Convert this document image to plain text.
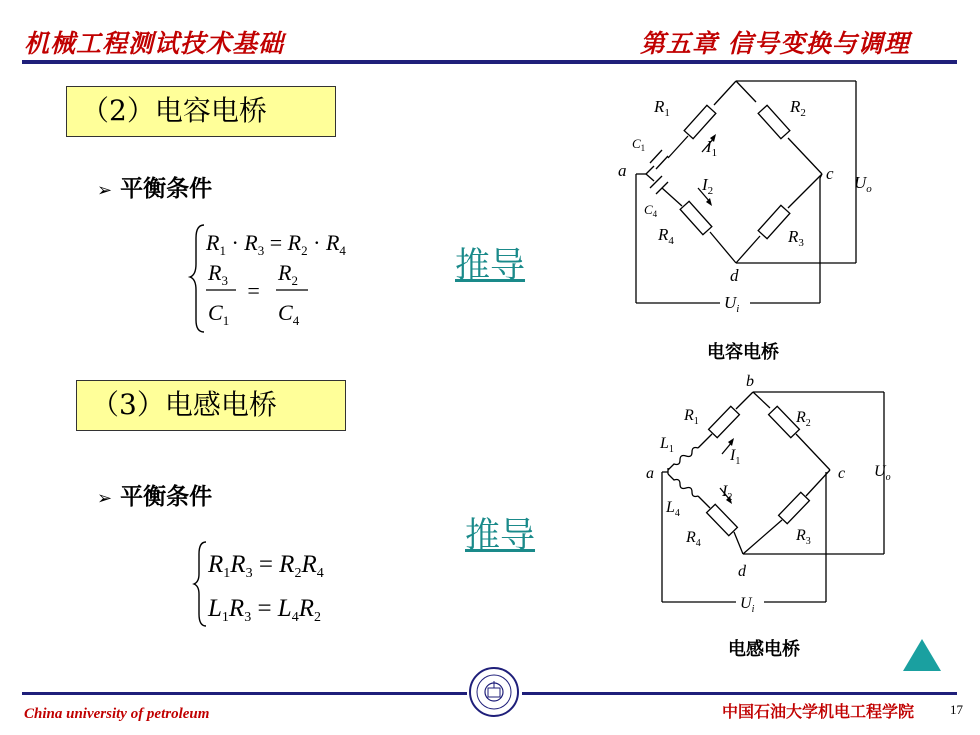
机械工程测试技术基础	第五章 信号变换与调理
（2）电容电桥
➢ 平衡条件
$R_1 \cdot R_3 = R_2 \cdot R_4$
$R_3$
$C_1$
=
$R_2$
$C_4$
推导
$R_1$	$R_2$
$R_4$	$R_3$
$C_1$
$C_4$
$I_1$
$I_2$
a	c
d
$U_o$
$U_i$
电容电桥
（3）电感电桥
➢ 平衡条件
$R_1R_3 = R_2R_4$
$L_1R_3 = L_4R_2$
推导
b
$R_1$	$R_2$
$R_4$	$R_3$
$L_1$
$L_4$
$I_1$
$I_2$
a	c
d
$U_o$
$U_i$
电感电桥
China university of petroleum	中国石油大学机电工程学院	17
